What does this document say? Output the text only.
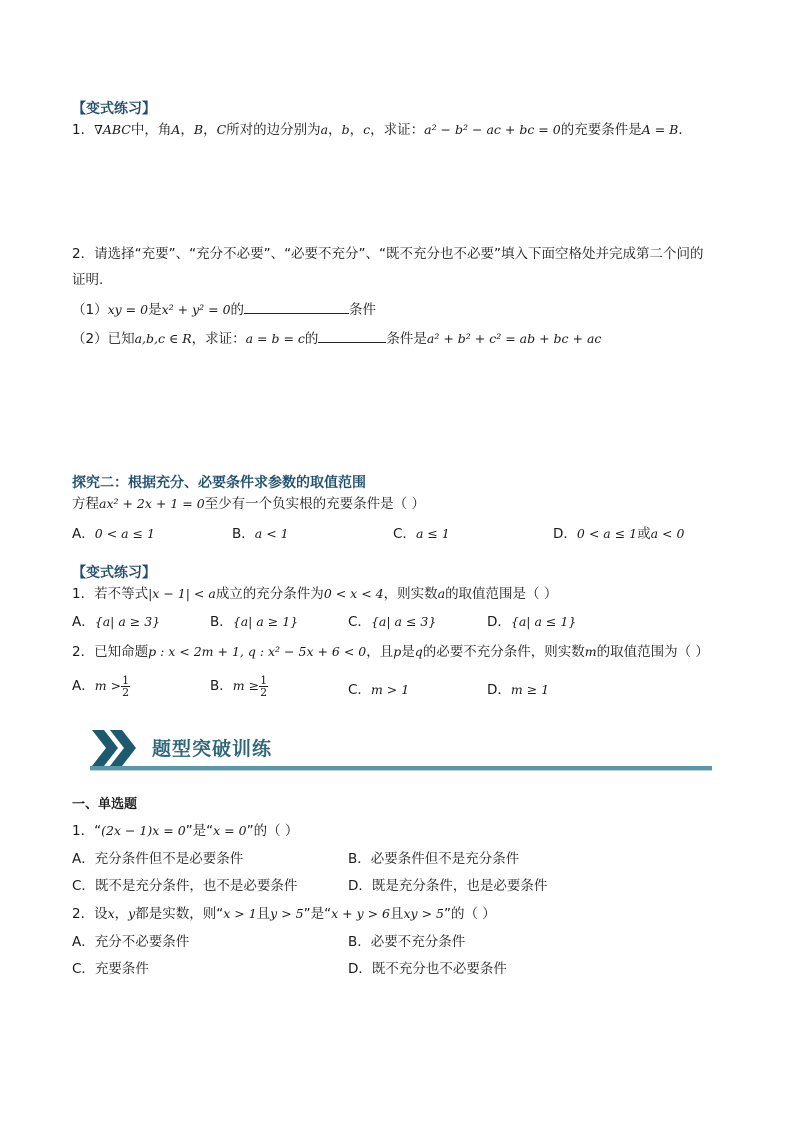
【变式练习】
1．∇ABC中，角A，B，C所对的边分别为a，b，c，求证：a² − b² − ac + bc = 0的充要条件是A = B．
2．请选择“充要”、“充分不必要”、“必要不充分”、“既不充分也不必要”填入下面空格处并完成第二个问的
证明.
（1）xy = 0是x² + y² = 0的	条件
（2）已知a,b,c ∈ R，求证：a = b = c的	条件是a² + b² + c² = ab + bc + ac
探究二：根据充分、必要条件求参数的取值范围
方程ax² + 2x + 1 = 0至少有一个负实根的充要条件是（ ）
A．0 < a ≤ 1	B．a < 1	C．a ≤ 1	D．0 < a ≤ 1或a < 0
【变式练习】
1．若不等式|x − 1| < a成立的充分条件为0 < x < 4，则实数a的取值范围是（ ）
A．{a| a ≥ 3}	B．{a| a ≥ 1}	C．{a| a ≤ 3}	D．{a| a ≤ 1}
2．已知命题p : x < 2m + 1, q : x² − 5x + 6 < 0，且p是q的必要不充分条件，则实数m的取值范围为（ ）
A．$m > \frac{1}{2}$	B．$m \ge \frac{1}{2}$	C．m > 1	D．m ≥ 1
题型突破训练
一、单选题
1．“(2x − 1)x = 0”是“x = 0”的（ ）
A．充分条件但不是必要条件	B．必要条件但不是充分条件
C．既不是充分条件，也不是必要条件	D．既是充分条件，也是必要条件
2．设x，y都是实数，则“x > 1且y > 5”是“x + y > 6且xy > 5”的（ ）
A．充分不必要条件	B．必要不充分条件
C．充要条件	D．既不充分也不必要条件
